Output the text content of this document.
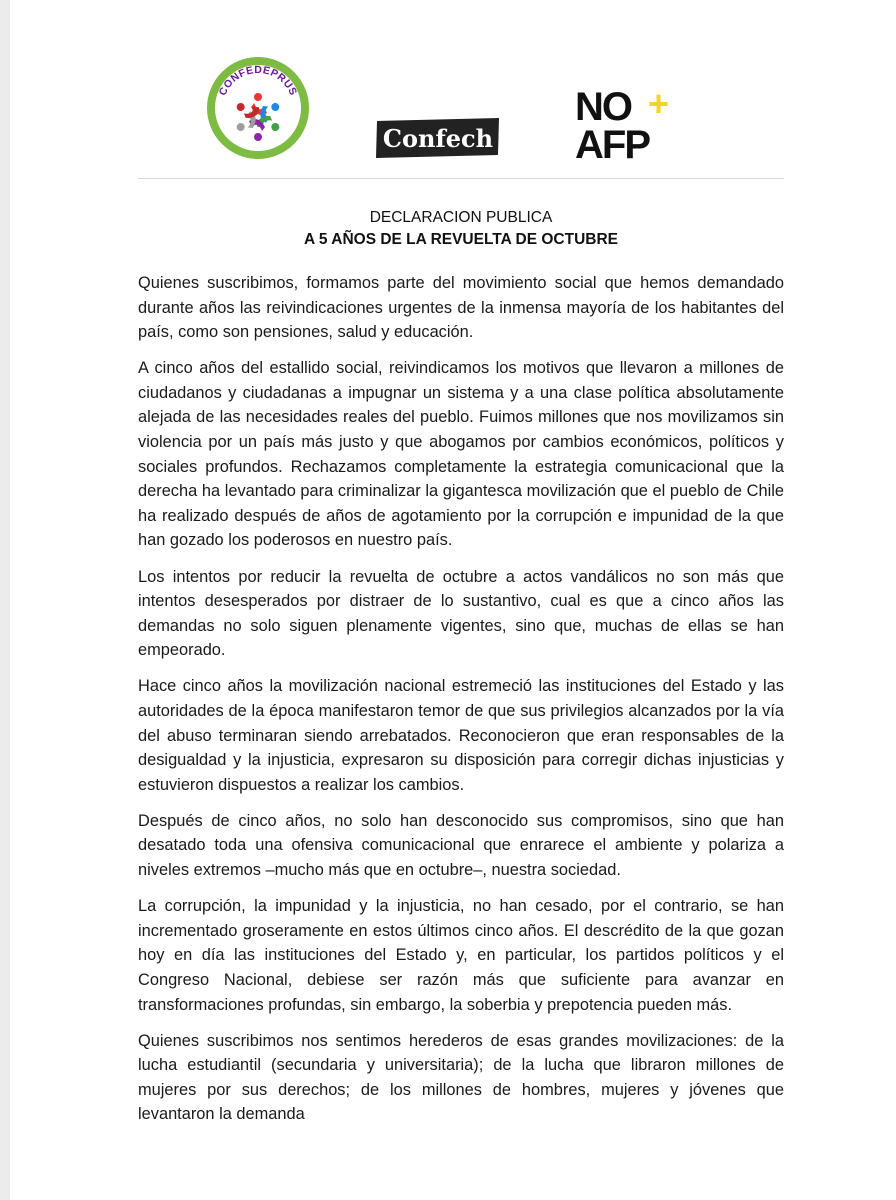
CONFEDEPRUS
Confech
NO +
AFP
DECLARACION PUBLICA
A 5 AÑOS DE LA REVUELTA DE OCTUBRE

Quienes suscribimos, formamos parte del movimiento social que hemos demandado durante años las reivindicaciones urgentes de la inmensa mayoría de los habitantes del país, como son pensiones, salud y educación.

A cinco años del estallido social, reivindicamos los motivos que llevaron a millones de ciudadanos y ciudadanas a impugnar un sistema y a una clase política absolutamente alejada de las necesidades reales del pueblo. Fuimos millones que nos movilizamos sin violencia por un país más justo y que abogamos por cambios económicos, políticos y sociales profundos. Rechazamos completamente la estrategia comunicacional que la derecha ha levantado para criminalizar la gigantesca movilización que el pueblo de Chile ha realizado después de años de agotamiento por la corrupción e impunidad de la que han gozado los poderosos en nuestro país.

Los intentos por reducir la revuelta de octubre a actos vandálicos no son más que intentos desesperados por distraer de lo sustantivo, cual es que a cinco años las demandas no solo siguen plenamente vigentes, sino que, muchas de ellas se han empeorado.

Hace cinco años la movilización nacional estremeció las instituciones del Estado y las autoridades de la época manifestaron temor de que sus privilegios alcanzados por la vía del abuso terminaran siendo arrebatados. Reconocieron que eran responsables de la desigualdad y la injusticia, expresaron su disposición para corregir dichas injusticias y estuvieron dispuestos a realizar los cambios.

Después de cinco años, no solo han desconocido sus compromisos, sino que han desatado toda una ofensiva comunicacional que enrarece el ambiente y polariza a niveles extremos –mucho más que en octubre–, nuestra sociedad.

La corrupción, la impunidad y la injusticia, no han cesado, por el contrario, se han incrementado groseramente en estos últimos cinco años. El descrédito de la que gozan hoy en día las instituciones del Estado y, en particular, los partidos políticos y el Congreso Nacional, debiese ser razón más que suficiente para avanzar en transformaciones profundas, sin embargo, la soberbia y prepotencia pueden más.

Quienes suscribimos nos sentimos herederos de esas grandes movilizaciones: de la lucha estudiantil (secundaria y universitaria); de la lucha que libraron millones de mujeres por sus derechos; de los millones de hombres, mujeres y jóvenes que levantaron la demanda
